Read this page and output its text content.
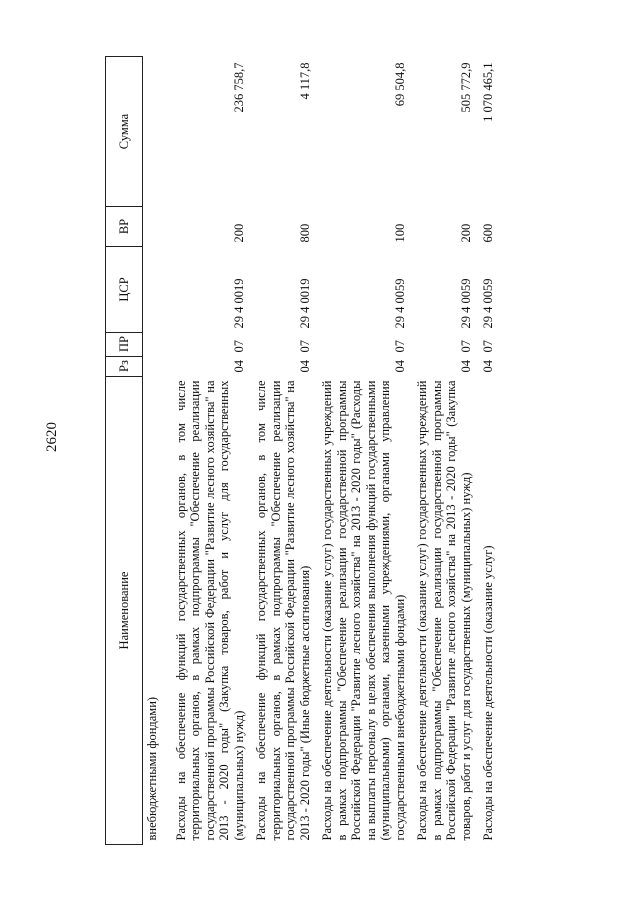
2620
Наименование	Рз	ПР	ЦСР	ВР	Сумма
внебюджетными фондами)					
Расходы на обеспечение функций государственных органов, в том числе территориальных органов, в рамках подпрограммы "Обеспечение реализации государственной программы Российской Федерации "Развитие лесного хозяйства" на 2013 - 2020 годы" (Закупка товаров, работ и услуг для государственных (муниципальных) нужд)	04	07	29 4 0019	200	236 758,7
Расходы на обеспечение функций государственных органов, в том числе территориальных органов, в рамках подпрограммы "Обеспечение реализации государственной программы Российской Федерации "Развитие лесного хозяйства" на 2013 - 2020 годы" (Иные бюджетные ассигнования)	04	07	29 4 0019	800	4 117,8
Расходы на обеспечение деятельности (оказание услуг) государственных учреждений в рамках подпрограммы "Обеспечение реализации государственной программы Российской Федерации "Развитие лесного хозяйства" на 2013 - 2020 годы" (Расходы на выплаты персоналу в целях обеспечения выполнения функций государственными (муниципальными) органами, казенными учреждениями, органами управления государственными внебюджетными фондами)	04	07	29 4 0059	100	69 504,8
Расходы на обеспечение деятельности (оказание услуг) государственных учреждений в рамках подпрограммы "Обеспечение реализации государственной программы Российской Федерации "Развитие лесного хозяйства" на 2013 - 2020 годы" (Закупка товаров, работ и услуг для государственных (муниципальных) нужд)	04	07	29 4 0059	200	505 772,9
Расходы на обеспечение деятельности (оказание услуг)	04	07	29 4 0059	600	1 070 465,1
